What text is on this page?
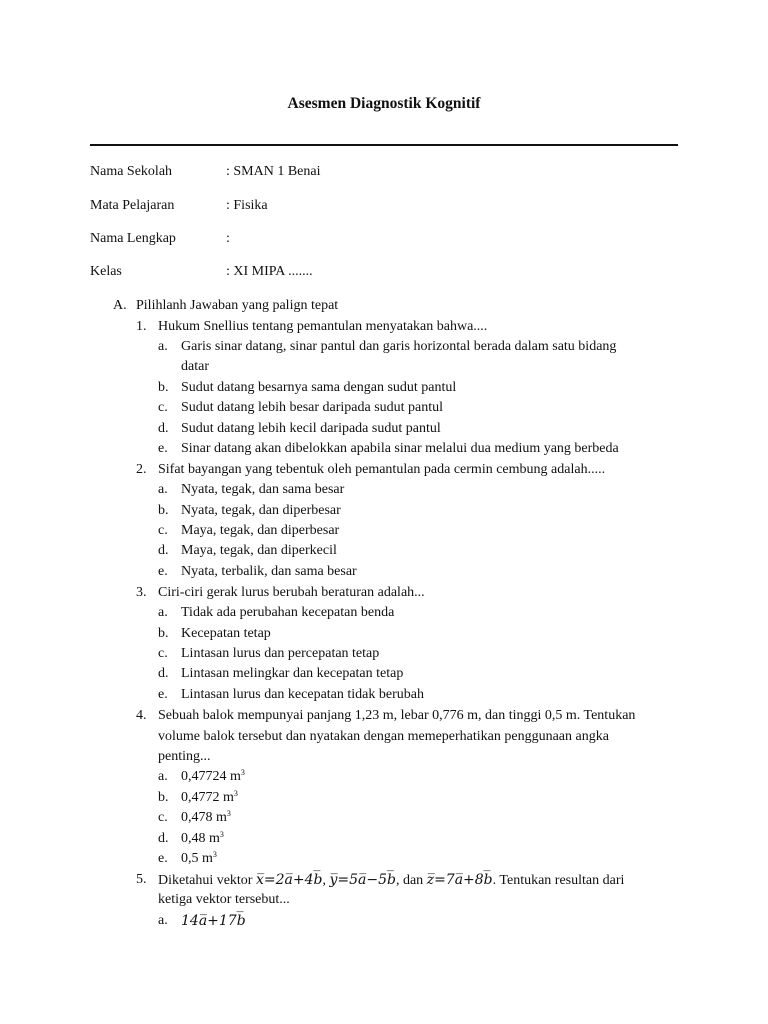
Asesmen Diagnostik Kognitif
Nama Sekolah	: SMAN 1 Benai
Mata Pelajaran	: Fisika
Nama Lengkap	:
Kelas	: XI MIPA .......
A. Pilihlanh Jawaban yang palign tepat
1. Hukum Snellius tentang pemantulan menyatakan bahwa....
a. Garis sinar datang, sinar pantul dan garis horizontal berada dalam satu bidang
datar
b. Sudut datang besarnya sama dengan sudut pantul
c. Sudut datang lebih besar daripada sudut pantul
d. Sudut datang lebih kecil daripada sudut pantul
e. Sinar datang akan dibelokkan apabila sinar melalui dua medium yang berbeda
2. Sifat bayangan yang tebentuk oleh pemantulan pada cermin cembung adalah.....
a. Nyata, tegak, dan sama besar
b. Nyata, tegak, dan diperbesar
c. Maya, tegak, dan diperbesar
d. Maya, tegak, dan diperkecil
e. Nyata, terbalik, dan sama besar
3. Ciri-ciri gerak lurus berubah beraturan adalah...
a. Tidak ada perubahan kecepatan benda
b. Kecepatan tetap
c. Lintasan lurus dan percepatan tetap
d. Lintasan melingkar dan kecepatan tetap
e. Lintasan lurus dan kecepatan tidak berubah
4. Sebuah balok mempunyai panjang 1,23 m, lebar 0,776 m, dan tinggi 0,5 m. Tentukan
volume balok tersebut dan nyatakan dengan memeperhatikan penggunaan angka
penting...
a. 0,47724 $m^3$
b. 0,4772 $m^3$
c. 0,478 $m^3$
d. 0,48 $m^3$
e. 0,5 $m^3$
5. Diketahui vektor x̅=2a̅+4b̅, y̅=5a̅−5b̅, dan z̅=7a̅+8b̅. Tentukan resultan dari
ketiga vektor tersebut...
a. 14a̅+17b̅
